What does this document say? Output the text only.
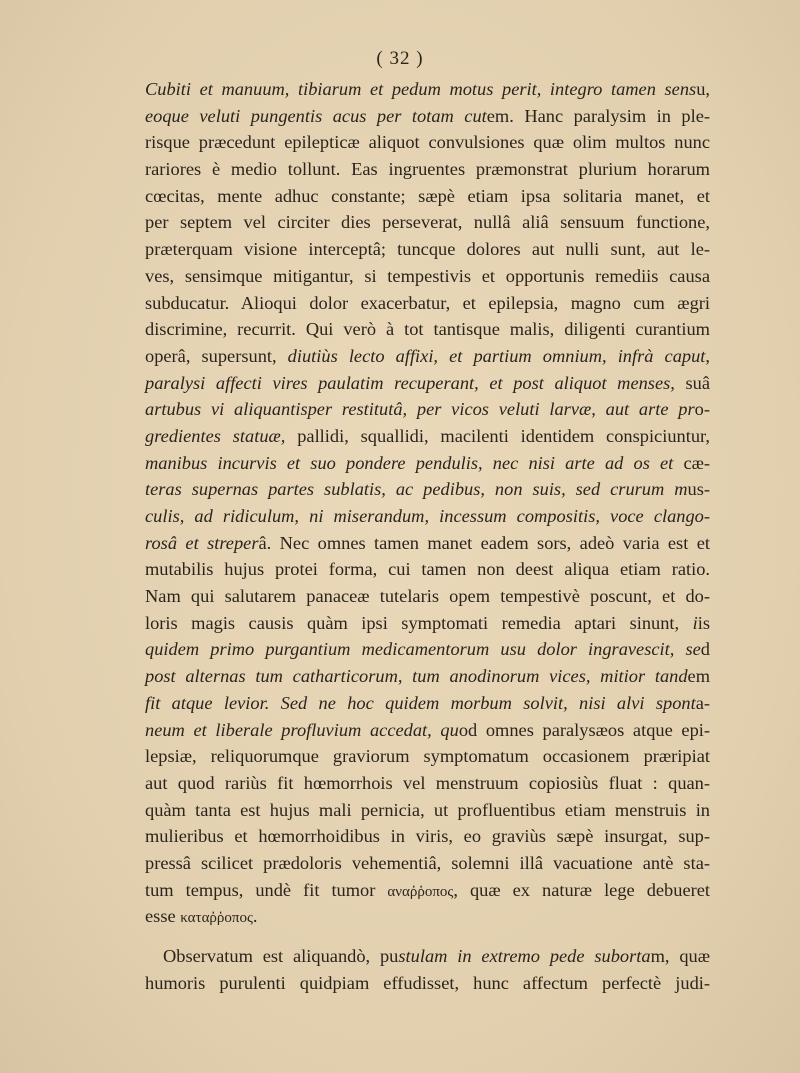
( 32 )
Cubiti et manuum, tibiarum et pedum motus perit, integro tamen sensu,
eoque veluti pungentis acus per totam cutem. Hanc paralysim in ple-
risque præcedunt epilepticæ aliquot convulsiones quæ olim multos nunc
rariores è medio tollunt. Eas ingruentes præmonstrat plurium horarum
cœcitas, mente adhuc constante; sæpè etiam ipsa solitaria manet, et
per septem vel circiter dies perseverat, nullâ aliâ sensuum functione,
præterquam visione interceptâ; tuncque dolores aut nulli sunt, aut le-
ves, sensimque mitigantur, si tempestivis et opportunis remediis causa
subducatur. Alioqui dolor exacerbatur, et epilepsia, magno cum ægri
discrimine, recurrit. Qui verò à tot tantisque malis, diligenti curantium
operâ, supersunt, diutiùs lecto affixi, et partium omnium, infrà caput,
paralysi affecti vires paulatim recuperant, et post aliquot menses, suâ
artubus vi aliquantisper restitutâ, per vicos veluti larvæ, aut arte pro-
gredientes statuæ, pallidi, squallidi, macilenti identidem conspiciuntur,
manibus incurvis et suo pondere pendulis, nec nisi arte ad os et cæ-
teras supernas partes sublatis, ac pedibus, non suis, sed crurum mus-
culis, ad ridiculum, ni miserandum, incessum compositis, voce clango-
rosâ et streperâ. Nec omnes tamen manet eadem sors, adeò varia est et
mutabilis hujus protei forma, cui tamen non deest aliqua etiam ratio.
Nam qui salutarem panaceæ tutelaris opem tempestivè poscunt, et do-
loris magis causis quàm ipsi symptomati remedia aptari sinunt, iis
quidem primo purgantium medicamentorum usu dolor ingravescit, sed
post alternas tum catharticorum, tum anodinorum vices, mitior tandem
fit atque levior. Sed ne hoc quidem morbum solvit, nisi alvi sponta-
neum et liberale profluvium accedat, quod omnes paralysæos atque epi-
lepsiæ, reliquorumque graviorum symptomatum occasionem præripiat
aut quod rariùs fit hœmorrhois vel menstruum copiosiùs fluat : quan-
quàm tanta est hujus mali pernicia, ut profluentibus etiam menstruis in
mulieribus et hœmorrhoidibus in viris, eo graviùs sæpè insurgat, sup-
pressâ scilicet prædoloris vehementiâ, solemni illâ vacuatione antè sta-
tum tempus, undè fit tumor αναῤῥοπος, quæ ex naturæ lege debueret
esse καταῤῥοπος.
Observatum est aliquandò, pustulam in extremo pede subortam, quæ
humoris purulenti quidpiam effudisset, hunc affectum perfectè judi-
